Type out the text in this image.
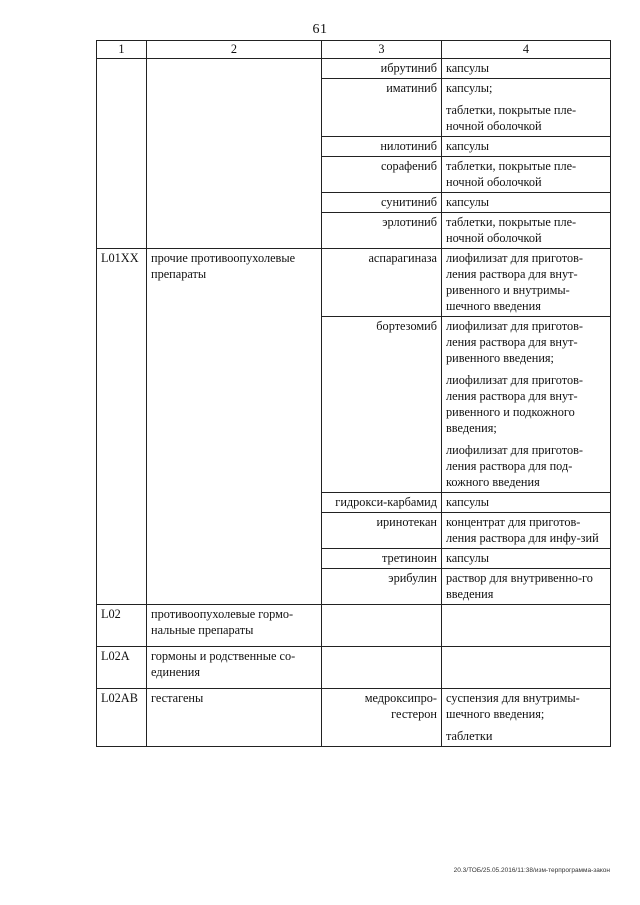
61
1	2	3	4
		ибрутиниб	капсулы

		иматиниб	капсулы;
таблетки, покрытые пле-ночной оболочкой

		нилотиниб	капсулы

		сорафениб	таблетки, покрытые пле-ночной оболочкой

		сунитиниб	капсулы

		эрлотиниб	таблетки, покрытые пле-ночной оболочкой

L01XX	прочие противоопухолевые препараты	аспарагиназа	лиофилизат для приготов-ления раствора для внут-ривенного и внутримы-шечного введения

		бортезомиб	лиофилизат для приготов-ления раствора для внут-ривенного введения;
лиофилизат для приготов-ления раствора для внут-ривенного и подкожного введения;
лиофилизат для приготов-ления раствора для под-кожного введения

		гидрокси-карбамид	капсулы

		иринотекан	концентрат для приготов-ления раствора для инфу-зий

		третиноин	капсулы

		эрибулин	раствор для внутривенно-го введения

L02	противоопухолевые гормо-нальные препараты		
L02A	гормоны и родственные со-единения		
L02AB	гестагены	медроксипро-гестерон	суспензия для внутримы-шечного введения;
таблетки
20.3/ТОБ/25.05.2016/11:38/изм-терпрограмма-закон
